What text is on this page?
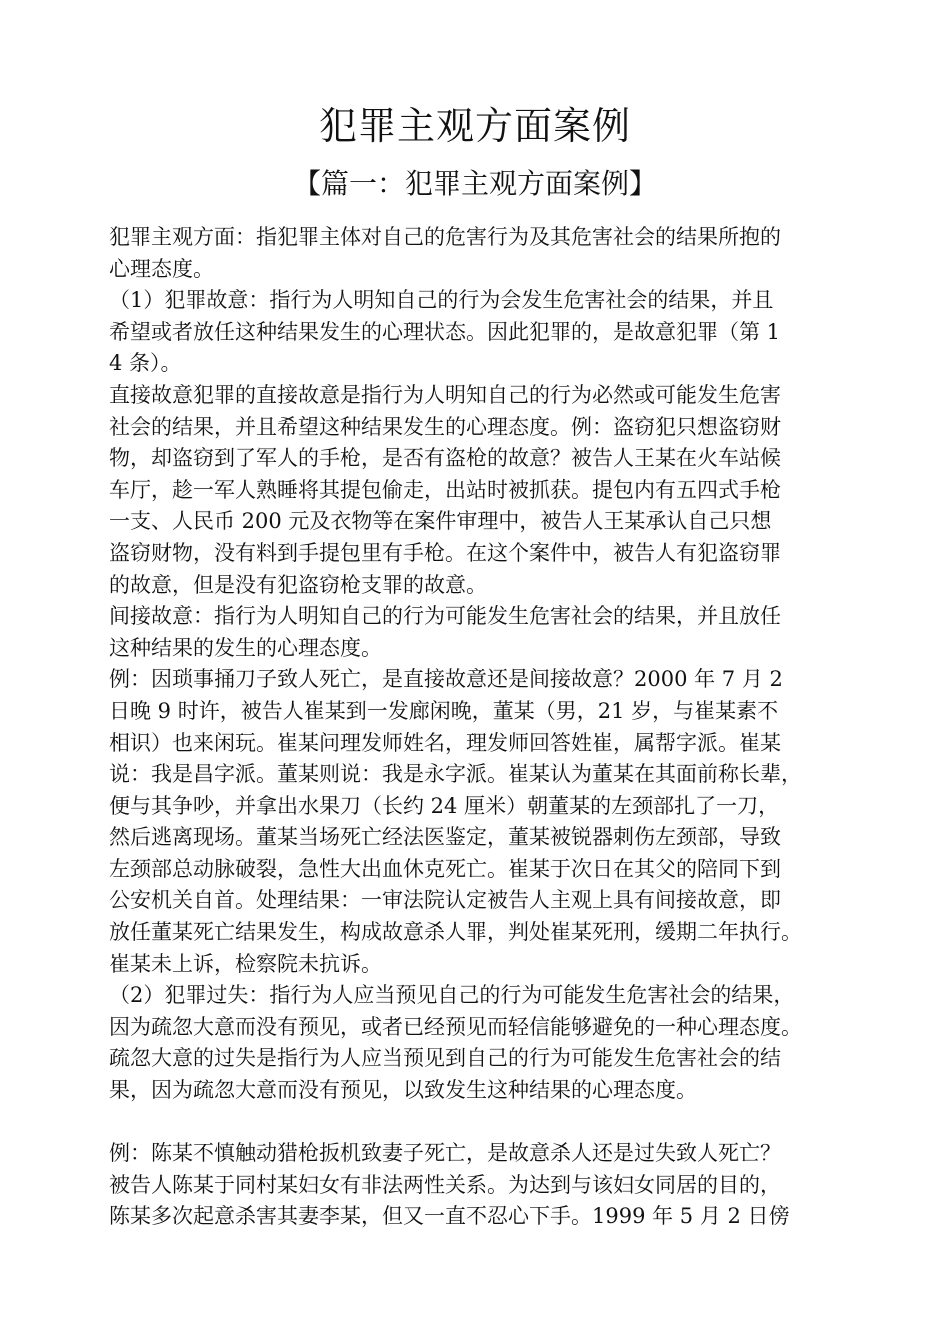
犯罪主观方面案例
【篇一：犯罪主观方面案例】
犯罪主观方面：指犯罪主体对自己的危害行为及其危害社会的结果所抱的
心理态度。
（1）犯罪故意：指行为人明知自己的行为会发生危害社会的结果，并且
希望或者放任这种结果发生的心理状态。因此犯罪的，是故意犯罪（第 1
4 条）。
直接故意犯罪的直接故意是指行为人明知自己的行为必然或可能发生危害
社会的结果，并且希望这种结果发生的心理态度。例：盗窃犯只想盗窃财
物，却盗窃到了军人的手枪，是否有盗枪的故意？被告人王某在火车站候
车厅，趁一军人熟睡将其提包偷走，出站时被抓获。提包内有五四式手枪
一支、人民币 200 元及衣物等在案件审理中，被告人王某承认自己只想
盗窃财物，没有料到手提包里有手枪。在这个案件中，被告人有犯盗窃罪
的故意，但是没有犯盗窃枪支罪的故意。
间接故意：指行为人明知自己的行为可能发生危害社会的结果，并且放任
这种结果的发生的心理态度。
例：因琐事捅刀子致人死亡，是直接故意还是间接故意？2000 年 7 月 2
日晚 9 时许，被告人崔某到一发廊闲晚，董某（男，21 岁，与崔某素不
相识）也来闲玩。崔某问理发师姓名，理发师回答姓崔，属帮字派。崔某
说：我是昌字派。董某则说：我是永字派。崔某认为董某在其面前称长辈，
便与其争吵，并拿出水果刀（长约 24 厘米）朝董某的左颈部扎了一刀，
然后逃离现场。董某当场死亡经法医鉴定，董某被锐器刺伤左颈部，导致
左颈部总动脉破裂，急性大出血休克死亡。崔某于次日在其父的陪同下到
公安机关自首。处理结果：一审法院认定被告人主观上具有间接故意，即
放任董某死亡结果发生，构成故意杀人罪，判处崔某死刑，缓期二年执行。
崔某未上诉，检察院未抗诉。
（2）犯罪过失：指行为人应当预见自己的行为可能发生危害社会的结果，
因为疏忽大意而没有预见，或者已经预见而轻信能够避免的一种心理态度。
疏忽大意的过失是指行为人应当预见到自己的行为可能发生危害社会的结
果，因为疏忽大意而没有预见，以致发生这种结果的心理态度。
例：陈某不慎触动猎枪扳机致妻子死亡，是故意杀人还是过失致人死亡？
被告人陈某于同村某妇女有非法两性关系。为达到与该妇女同居的目的，
陈某多次起意杀害其妻李某，但又一直不忍心下手。1999 年 5 月 2 日傍
